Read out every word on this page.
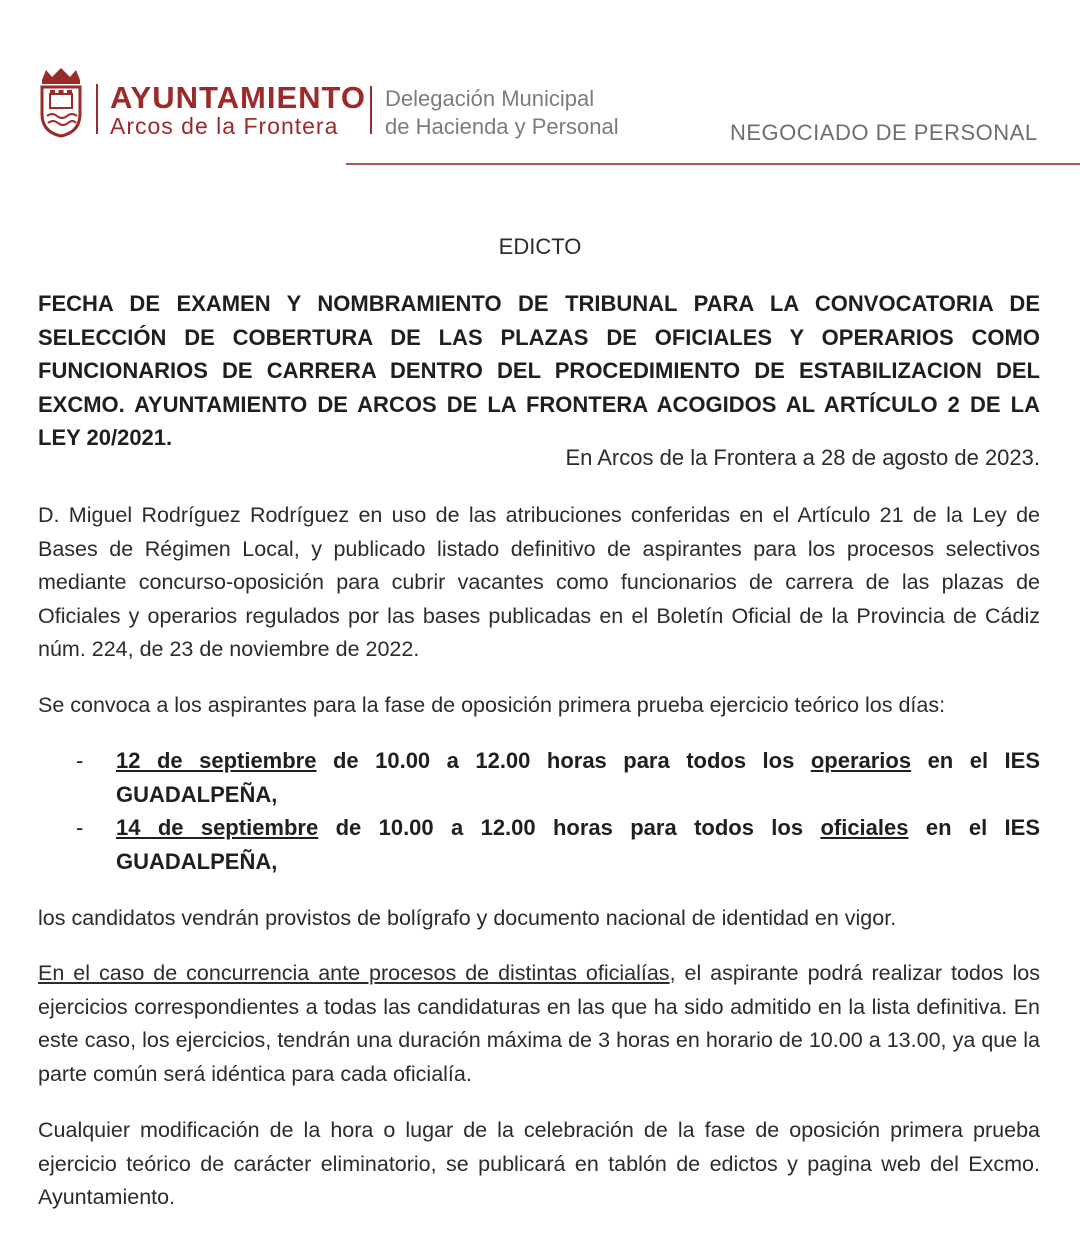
AYUNTAMIENTO
Arcos de la Frontera
Delegación Municipal
de Hacienda y Personal	NEGOCIADO DE PERSONAL
EDICTO
FECHA DE EXAMEN Y NOMBRAMIENTO DE TRIBUNAL PARA LA CONVOCATORIA DE SELECCIÓN DE COBERTURA DE LAS PLAZAS DE OFICIALES Y OPERARIOS COMO FUNCIONARIOS DE CARRERA DENTRO DEL PROCEDIMIENTO DE ESTABILIZACION DEL EXCMO. AYUNTAMIENTO DE ARCOS DE LA FRONTERA ACOGIDOS AL ARTÍCULO 2 DE LA LEY 20/2021.
En Arcos de la Frontera a 28 de agosto de 2023.
D. Miguel Rodríguez Rodríguez en uso de las atribuciones conferidas en el Artículo 21 de la Ley de Bases de Régimen Local, y publicado listado definitivo de aspirantes para los procesos selectivos mediante concurso-oposición para cubrir vacantes como funcionarios de carrera de las plazas de Oficiales y operarios regulados por las bases publicadas en el Boletín Oficial de la Provincia de Cádiz núm. 224, de 23 de noviembre de 2022.
Se convoca a los aspirantes para la fase de oposición primera prueba ejercicio teórico los días:
- 12 de septiembre de 10.00 a 12.00 horas para todos los operarios en el IES GUADALPEÑA,
- 14 de septiembre de 10.00 a 12.00 horas para todos los oficiales en el IES GUADALPEÑA,
los candidatos vendrán provistos de bolígrafo y documento nacional de identidad en vigor.
En el caso de concurrencia ante procesos de distintas oficialías, el aspirante podrá realizar todos los ejercicios correspondientes a todas las candidaturas en las que ha sido admitido en la lista definitiva. En este caso, los ejercicios, tendrán una duración máxima de 3 horas en horario de 10.00 a 13.00, ya que la parte común será idéntica para cada oficialía.
Cualquier modificación de la hora o lugar de la celebración de la fase de oposición primera prueba ejercicio teórico de carácter eliminatorio, se publicará en tablón de edictos y pagina web del Excmo. Ayuntamiento.
